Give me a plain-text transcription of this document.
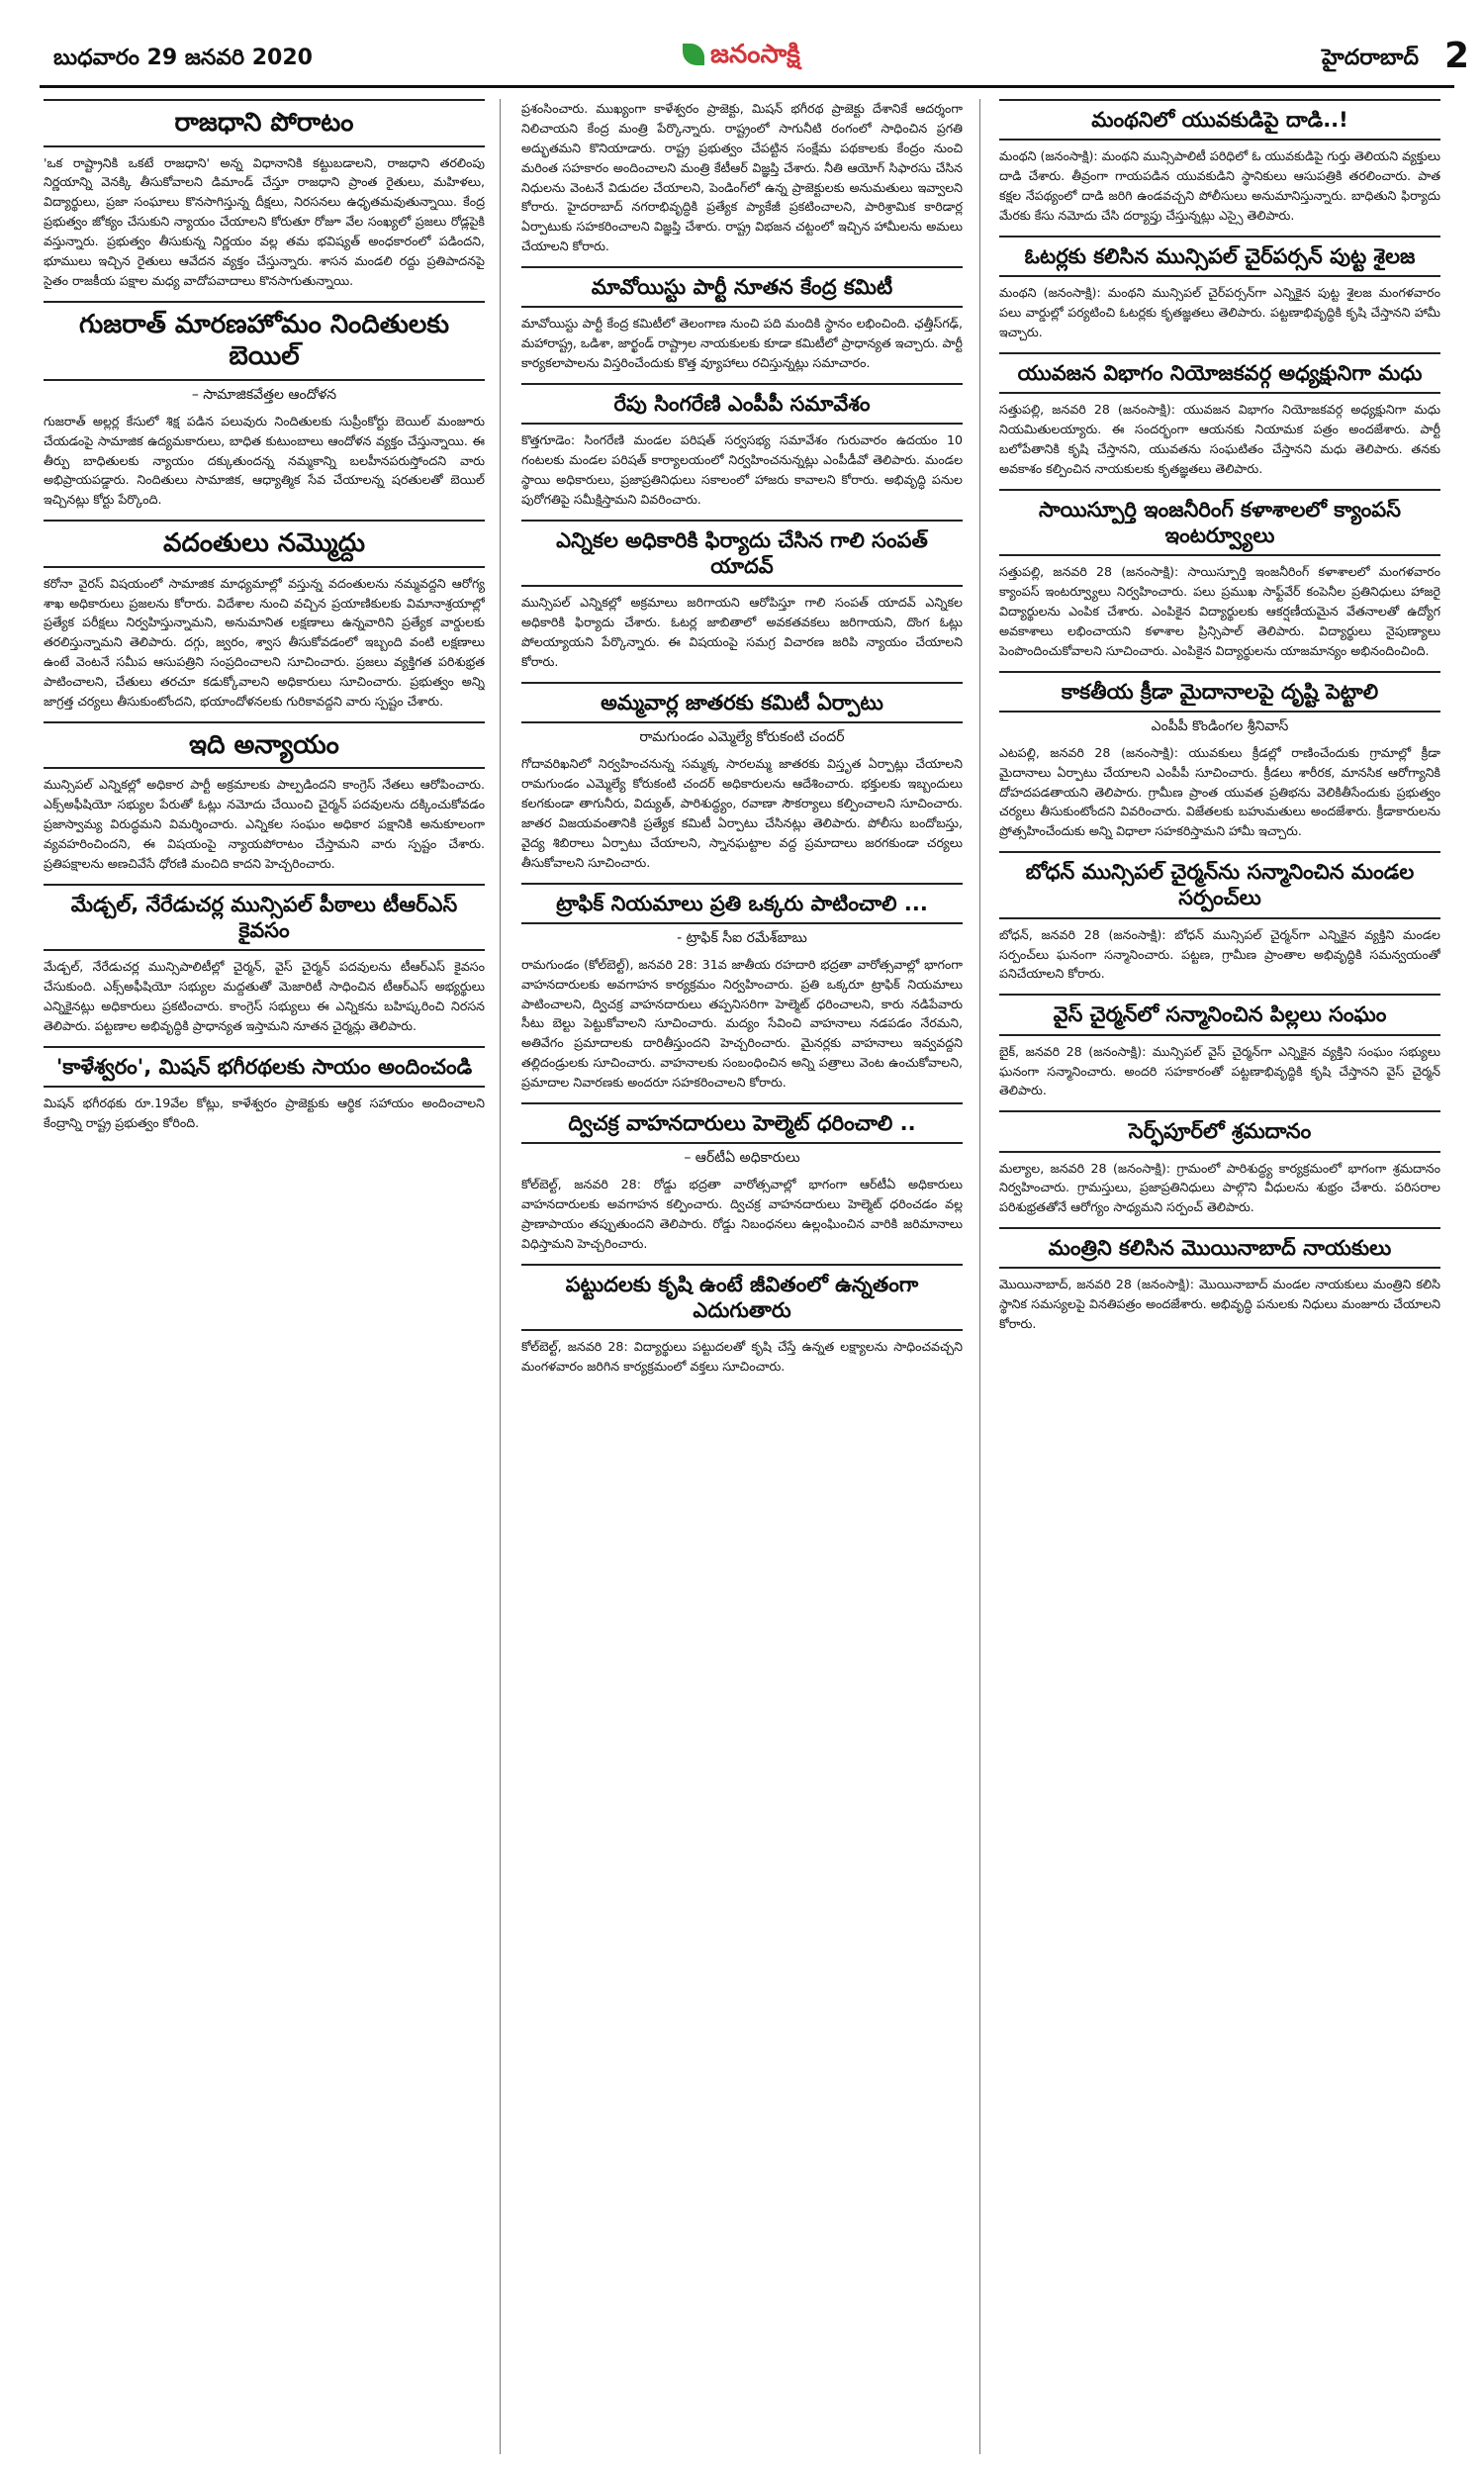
బుధవారం 29 జనవరి 2020	జనంసాక్షి	హైదరాబాద్ 2
రాజధాని పోరాటం
'ఒక రాష్ట్రానికి ఒకటే రాజధాని' అన్న విధానానికి కట్టుబడాలని, రాజధాని తరలింపు నిర్ణయాన్ని వెనక్కి తీసుకోవాలని డిమాండ్ చేస్తూ రాజధాని ప్రాంత రైతులు, మహిళలు, విద్యార్థులు, ప్రజా సంఘాలు కొనసాగిస్తున్న దీక్షలు, నిరసనలు ఉధృతమవుతున్నాయి. కేంద్ర ప్రభుత్వం జోక్యం చేసుకుని న్యాయం చేయాలని కోరుతూ రోజూ వేల సంఖ్యలో ప్రజలు రోడ్లపైకి వస్తున్నారు. ప్రభుత్వం తీసుకున్న నిర్ణయం వల్ల తమ భవిష్యత్ అంధకారంలో పడిందని, భూములు ఇచ్చిన రైతులు ఆవేదన వ్యక్తం చేస్తున్నారు. శాసన మండలి రద్దు ప్రతిపాదనపై సైతం రాజకీయ పక్షాల మధ్య వాదోపవాదాలు కొనసాగుతున్నాయి.
గుజరాత్ మారణహోమం నిందితులకు బెయిల్
– సామాజికవేత్తల ఆందోళన
గుజరాత్ అల్లర్ల కేసులో శిక్ష పడిన పలువురు నిందితులకు సుప్రీంకోర్టు బెయిల్ మంజూరు చేయడంపై సామాజిక ఉద్యమకారులు, బాధిత కుటుంబాలు ఆందోళన వ్యక్తం చేస్తున్నాయి. ఈ తీర్పు బాధితులకు న్యాయం దక్కుతుందన్న నమ్మకాన్ని బలహీనపరుస్తోందని వారు అభిప్రాయపడ్డారు. నిందితులు సామాజిక, ఆధ్యాత్మిక సేవ చేయాలన్న షరతులతో బెయిల్ ఇచ్చినట్లు కోర్టు పేర్కొంది.
వదంతులు నమ్మొద్దు
కరోనా వైరస్ విషయంలో సామాజిక మాధ్యమాల్లో వస్తున్న వదంతులను నమ్మవద్దని ఆరోగ్య శాఖ అధికారులు ప్రజలను కోరారు. విదేశాల నుంచి వచ్చిన ప్రయాణికులకు విమానాశ్రయాల్లో ప్రత్యేక పరీక్షలు నిర్వహిస్తున్నామని, అనుమానిత లక్షణాలు ఉన్నవారిని ప్రత్యేక వార్డులకు తరలిస్తున్నామని తెలిపారు. దగ్గు, జ్వరం, శ్వాస తీసుకోవడంలో ఇబ్బంది వంటి లక్షణాలు ఉంటే వెంటనే సమీప ఆసుపత్రిని సంప్రదించాలని సూచించారు. ప్రజలు వ్యక్తిగత పరిశుభ్రత పాటించాలని, చేతులు తరచూ కడుక్కోవాలని అధికారులు సూచించారు. ప్రభుత్వం అన్ని జాగ్రత్త చర్యలు తీసుకుంటోందని, భయాందోళనలకు గురికావద్దని వారు స్పష్టం చేశారు.
ఇది అన్యాయం
మున్సిపల్ ఎన్నికల్లో అధికార పార్టీ అక్రమాలకు పాల్పడిందని కాంగ్రెస్ నేతలు ఆరోపించారు. ఎక్స్‌అఫీషియో సభ్యుల పేరుతో ఓట్లు నమోదు చేయించి చైర్మన్ పదవులను దక్కించుకోవడం ప్రజాస్వామ్య విరుద్ధమని విమర్శించారు. ఎన్నికల సంఘం అధికార పక్షానికి అనుకూలంగా వ్యవహరించిందని, ఈ విషయంపై న్యాయపోరాటం చేస్తామని వారు స్పష్టం చేశారు. ప్రతిపక్షాలను అణచివేసే ధోరణి మంచిది కాదని హెచ్చరించారు.
మేడ్చల్, నేరేడుచర్ల మున్సిపల్ పీఠాలు టీఆర్ఎస్ కైవసం
మేడ్చల్, నేరేడుచర్ల మున్సిపాలిటీల్లో చైర్మన్, వైస్ చైర్మన్ పదవులను టీఆర్ఎస్ కైవసం చేసుకుంది. ఎక్స్‌అఫీషియో సభ్యుల మద్దతుతో మెజారిటీ సాధించిన టీఆర్ఎస్ అభ్యర్థులు ఎన్నికైనట్లు అధికారులు ప్రకటించారు. కాంగ్రెస్ సభ్యులు ఈ ఎన్నికను బహిష్కరించి నిరసన తెలిపారు. పట్టణాల అభివృద్ధికి ప్రాధాన్యత ఇస్తామని నూతన చైర్మన్లు తెలిపారు.
'కాళేశ్వరం', మిషన్ భగీరథలకు సాయం అందించండి
మిషన్ భగీరథకు రూ.19వేల కోట్లు, కాళేశ్వరం ప్రాజెక్టుకు ఆర్థిక సహాయం అందించాలని కేంద్రాన్ని రాష్ట్ర ప్రభుత్వం కోరింది.
ప్రశంసించారు. ముఖ్యంగా కాళేశ్వరం ప్రాజెక్టు, మిషన్ భగీరథ ప్రాజెక్టు దేశానికే ఆదర్శంగా నిలిచాయని కేంద్ర మంత్రి పేర్కొన్నారు. రాష్ట్రంలో సాగునీటి రంగంలో సాధించిన ప్రగతి అద్భుతమని కొనియాడారు. రాష్ట్ర ప్రభుత్వం చేపట్టిన సంక్షేమ పథకాలకు కేంద్రం నుంచి మరింత సహకారం అందించాలని మంత్రి కేటీఆర్ విజ్ఞప్తి చేశారు. నీతి ఆయోగ్ సిఫారసు చేసిన నిధులను వెంటనే విడుదల చేయాలని, పెండింగ్‌లో ఉన్న ప్రాజెక్టులకు అనుమతులు ఇవ్వాలని కోరారు. హైదరాబాద్ నగరాభివృద్ధికి ప్రత్యేక ప్యాకేజీ ప్రకటించాలని, పారిశ్రామిక కారిడార్ల ఏర్పాటుకు సహకరించాలని విజ్ఞప్తి చేశారు. రాష్ట్ర విభజన చట్టంలో ఇచ్చిన హామీలను అమలు చేయాలని కోరారు.
మావోయిస్టు పార్టీ నూతన కేంద్ర కమిటీ
మావోయిస్టు పార్టీ కేంద్ర కమిటీలో తెలంగాణ నుంచి పది మందికి స్థానం లభించింది. ఛత్తీస్‌గఢ్, మహారాష్ట్ర, ఒడిశా, జార్ఖండ్ రాష్ట్రాల నాయకులకు కూడా కమిటీలో ప్రాధాన్యత ఇచ్చారు. పార్టీ కార్యకలాపాలను విస్తరించేందుకు కొత్త వ్యూహాలు రచిస్తున్నట్లు సమాచారం.
రేపు సింగరేణి ఎంపీపీ సమావేశం
కొత్తగూడెం: సింగరేణి మండల పరిషత్ సర్వసభ్య సమావేశం గురువారం ఉదయం 10 గంటలకు మండల పరిషత్ కార్యాలయంలో నిర్వహించనున్నట్లు ఎంపీడీవో తెలిపారు. మండల స్థాయి అధికారులు, ప్రజాప్రతినిధులు సకాలంలో హాజరు కావాలని కోరారు. అభివృద్ధి పనుల పురోగతిపై సమీక్షిస్తామని వివరించారు.
ఎన్నికల అధికారికి ఫిర్యాదు చేసిన గాలి సంపత్ యాదవ్
మున్సిపల్ ఎన్నికల్లో అక్రమాలు జరిగాయని ఆరోపిస్తూ గాలి సంపత్ యాదవ్ ఎన్నికల అధికారికి ఫిర్యాదు చేశారు. ఓటర్ల జాబితాలో అవకతవకలు జరిగాయని, దొంగ ఓట్లు పోలయ్యాయని పేర్కొన్నారు. ఈ విషయంపై సమగ్ర విచారణ జరిపి న్యాయం చేయాలని కోరారు.
అమ్మవార్ల జాతరకు కమిటీ ఏర్పాటు
రామగుండం ఎమ్మెల్యే కోరుకంటి చందర్
గోదావరిఖనిలో నిర్వహించనున్న సమ్మక్క సారలమ్మ జాతరకు విస్తృత ఏర్పాట్లు చేయాలని రామగుండం ఎమ్మెల్యే కోరుకంటి చందర్ అధికారులను ఆదేశించారు. భక్తులకు ఇబ్బందులు కలగకుండా తాగునీరు, విద్యుత్, పారిశుద్ధ్యం, రవాణా సౌకర్యాలు కల్పించాలని సూచించారు. జాతర విజయవంతానికి ప్రత్యేక కమిటీ ఏర్పాటు చేసినట్లు తెలిపారు. పోలీసు బందోబస్తు, వైద్య శిబిరాలు ఏర్పాటు చేయాలని, స్నానఘట్టాల వద్ద ప్రమాదాలు జరగకుండా చర్యలు తీసుకోవాలని సూచించారు.
ట్రాఫిక్ నియమాలు ప్రతి ఒక్కరు పాటించాలి ...
- ట్రాఫిక్ సీఐ రమేశ్‌బాబు
రామగుండం (కోల్‌బెల్ట్), జనవరి 28: 31వ జాతీయ రహదారి భద్రతా వారోత్సవాల్లో భాగంగా వాహనదారులకు అవగాహన కార్యక్రమం నిర్వహించారు. ప్రతి ఒక్కరూ ట్రాఫిక్ నియమాలు పాటించాలని, ద్విచక్ర వాహనదారులు తప్పనిసరిగా హెల్మెట్ ధరించాలని, కారు నడిపేవారు సీటు బెల్టు పెట్టుకోవాలని సూచించారు. మద్యం సేవించి వాహనాలు నడపడం నేరమని, అతివేగం ప్రమాదాలకు దారితీస్తుందని హెచ్చరించారు. మైనర్లకు వాహనాలు ఇవ్వవద్దని తల్లిదండ్రులకు సూచించారు. వాహనాలకు సంబంధించిన అన్ని పత్రాలు వెంట ఉంచుకోవాలని, ప్రమాదాల నివారణకు అందరూ సహకరించాలని కోరారు.
ద్విచక్ర వాహనదారులు హెల్మెట్ ధరించాలి ..
– ఆర్‌టీఏ అధికారులు
కోల్‌బెల్ట్, జనవరి 28: రోడ్డు భద్రతా వారోత్సవాల్లో భాగంగా ఆర్‌టీఏ అధికారులు వాహనదారులకు అవగాహన కల్పించారు. ద్విచక్ర వాహనదారులు హెల్మెట్ ధరించడం వల్ల ప్రాణాపాయం తప్పుతుందని తెలిపారు. రోడ్డు నిబంధనలు ఉల్లంఘించిన వారికి జరిమానాలు విధిస్తామని హెచ్చరించారు.
పట్టుదలకు కృషి ఉంటే జీవితంలో ఉన్నతంగా ఎదుగుతారు
కోల్‌బెల్ట్, జనవరి 28: విద్యార్థులు పట్టుదలతో కృషి చేస్తే ఉన్నత లక్ష్యాలను సాధించవచ్చని మంగళవారం జరిగిన కార్యక్రమంలో వక్తలు సూచించారు.
మంథనిలో యువకుడిపై దాడి..!
మంథని (జనంసాక్షి): మంథని మున్సిపాలిటీ పరిధిలో ఓ యువకుడిపై గుర్తు తెలియని వ్యక్తులు దాడి చేశారు. తీవ్రంగా గాయపడిన యువకుడిని స్థానికులు ఆసుపత్రికి తరలించారు. పాత కక్షల నేపథ్యంలో దాడి జరిగి ఉండవచ్చని పోలీసులు అనుమానిస్తున్నారు. బాధితుని ఫిర్యాదు మేరకు కేసు నమోదు చేసి దర్యాప్తు చేస్తున్నట్లు ఎస్సై తెలిపారు.
ఓటర్లకు కలిసిన మున్సిపల్ చైర్‌పర్సన్ పుట్ట శైలజ
మంథని (జనంసాక్షి): మంథని మున్సిపల్ చైర్‌పర్సన్‌గా ఎన్నికైన పుట్ట శైలజ మంగళవారం పలు వార్డుల్లో పర్యటించి ఓటర్లకు కృతజ్ఞతలు తెలిపారు. పట్టణాభివృద్ధికి కృషి చేస్తానని హామీ ఇచ్చారు.
యువజన విభాగం నియోజకవర్గ అధ్యక్షునిగా మధు
సత్తుపల్లి, జనవరి 28 (జనంసాక్షి): యువజన విభాగం నియోజకవర్గ అధ్యక్షునిగా మధు నియమితులయ్యారు. ఈ సందర్భంగా ఆయనకు నియామక పత్రం అందజేశారు. పార్టీ బలోపేతానికి కృషి చేస్తానని, యువతను సంఘటితం చేస్తానని మధు తెలిపారు. తనకు అవకాశం కల్పించిన నాయకులకు కృతజ్ఞతలు తెలిపారు.
సాయిస్పూర్తి ఇంజనీరింగ్ కళాశాలలో క్యాంపస్ ఇంటర్వ్యూలు
సత్తుపల్లి, జనవరి 28 (జనంసాక్షి): సాయిస్పూర్తి ఇంజనీరింగ్ కళాశాలలో మంగళవారం క్యాంపస్ ఇంటర్వ్యూలు నిర్వహించారు. పలు ప్రముఖ సాఫ్ట్‌వేర్ కంపెనీల ప్రతినిధులు హాజరై విద్యార్థులను ఎంపిక చేశారు. ఎంపికైన విద్యార్థులకు ఆకర్షణీయమైన వేతనాలతో ఉద్యోగ అవకాశాలు లభించాయని కళాశాల ప్రిన్సిపాల్ తెలిపారు. విద్యార్థులు నైపుణ్యాలు పెంపొందించుకోవాలని సూచించారు. ఎంపికైన విద్యార్థులను యాజమాన్యం అభినందించింది.
కాకతీయ క్రీడా మైదానాలపై దృష్టి పెట్టాలి
ఎంపీపీ కొండింగల శ్రీనివాస్
ఎటపల్లి, జనవరి 28 (జనంసాక్షి): యువకులు క్రీడల్లో రాణించేందుకు గ్రామాల్లో క్రీడా మైదానాలు ఏర్పాటు చేయాలని ఎంపీపీ సూచించారు. క్రీడలు శారీరక, మానసిక ఆరోగ్యానికి దోహదపడతాయని తెలిపారు. గ్రామీణ ప్రాంత యువత ప్రతిభను వెలికితీసేందుకు ప్రభుత్వం చర్యలు తీసుకుంటోందని వివరించారు. విజేతలకు బహుమతులు అందజేశారు. క్రీడాకారులను ప్రోత్సహించేందుకు అన్ని విధాలా సహకరిస్తామని హామీ ఇచ్చారు.
బోధన్ మున్సిపల్ చైర్మన్‌ను సన్మానించిన మండల సర్పంచ్‌లు
బోధన్, జనవరి 28 (జనంసాక్షి): బోధన్ మున్సిపల్ చైర్మన్‌గా ఎన్నికైన వ్యక్తిని మండల సర్పంచ్‌లు ఘనంగా సన్మానించారు. పట్టణ, గ్రామీణ ప్రాంతాల అభివృద్ధికి సమన్వయంతో పనిచేయాలని కోరారు.
వైస్ చైర్మన్‌లో సన్మానించిన పిల్లలు సంఘం
బైక్, జనవరి 28 (జనంసాక్షి): మున్సిపల్ వైస్ చైర్మన్‌గా ఎన్నికైన వ్యక్తిని సంఘం సభ్యులు ఘనంగా సన్మానించారు. అందరి సహకారంతో పట్టణాభివృద్ధికి కృషి చేస్తానని వైస్ చైర్మన్ తెలిపారు.
సెర్ఫ్‌పూర్‌లో శ్రమదానం
మల్యాల, జనవరి 28 (జనంసాక్షి): గ్రామంలో పారిశుద్ధ్య కార్యక్రమంలో భాగంగా శ్రమదానం నిర్వహించారు. గ్రామస్తులు, ప్రజాప్రతినిధులు పాల్గొని వీధులను శుభ్రం చేశారు. పరిసరాల పరిశుభ్రతతోనే ఆరోగ్యం సాధ్యమని సర్పంచ్ తెలిపారు.
మంత్రిని కలిసిన మొయినాబాద్ నాయకులు
మొయినాబాద్, జనవరి 28 (జనంసాక్షి): మొయినాబాద్ మండల నాయకులు మంత్రిని కలిసి స్థానిక సమస్యలపై వినతిపత్రం అందజేశారు. అభివృద్ధి పనులకు నిధులు మంజూరు చేయాలని కోరారు.
